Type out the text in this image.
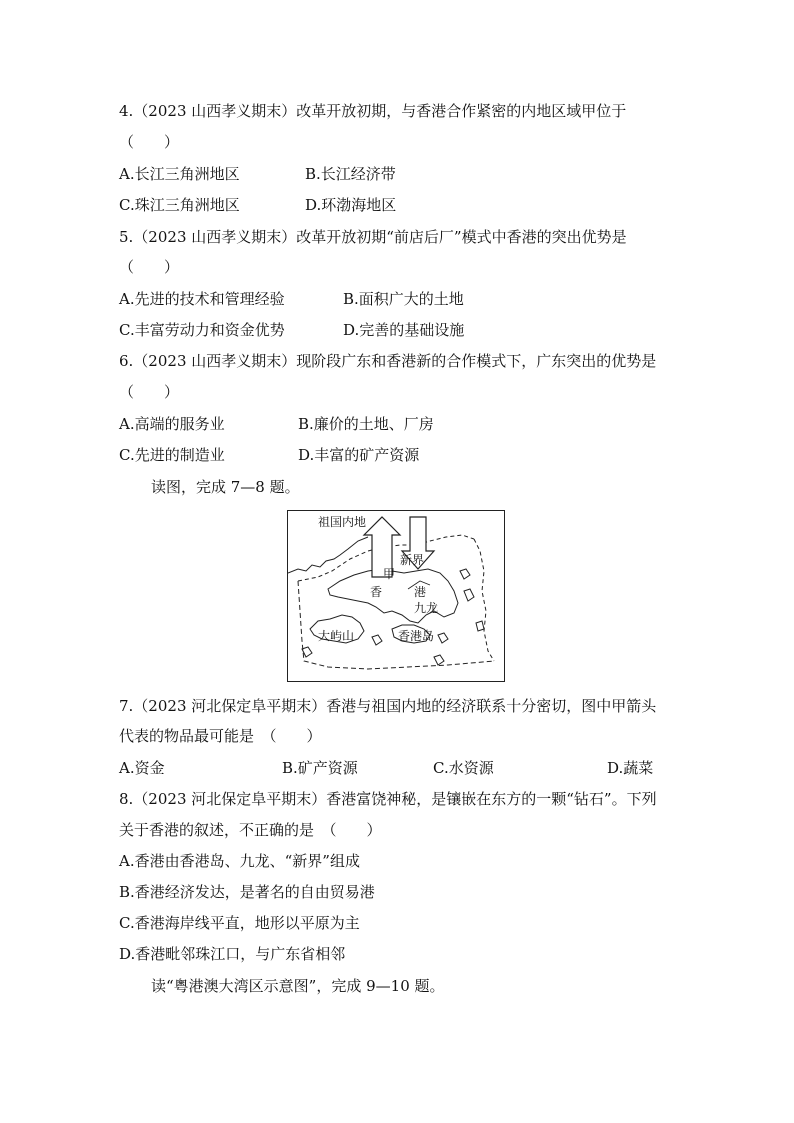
4.（2023 山西孝义期末）改革开放初期，与香港合作紧密的内地区域甲位于
（　　）
A.长江三角洲地区	B.长江经济带
C.珠江三角洲地区	D.环渤海地区
5.（2023 山西孝义期末）改革开放初期“前店后厂”模式中香港的突出优势是
（　　）
A.先进的技术和管理经验	B.面积广大的土地
C.丰富劳动力和资金优势	D.完善的基础设施
6.（2023 山西孝义期末）现阶段广东和香港新的合作模式下，广东突出的优势是
（　　）
A.高端的服务业	B.廉价的土地、厂房
C.先进的制造业	D.丰富的矿产资源
读图，完成 7—8 题。
祖国内地
新界
甲
香	港
九龙
大屿山	香港岛
7.（2023 河北保定阜平期末）香港与祖国内地的经济联系十分密切，图中甲箭头
代表的物品最可能是　（　　）
A.资金	B.矿产资源	C.水资源	D.蔬菜
8.（2023 河北保定阜平期末）香港富饶神秘，是镶嵌在东方的一颗“钻石”。下列
关于香港的叙述，不正确的是　（　　）
A.香港由香港岛、九龙、“新界”组成
B.香港经济发达，是著名的自由贸易港
C.香港海岸线平直，地形以平原为主
D.香港毗邻珠江口，与广东省相邻
读“粤港澳大湾区示意图”，完成 9—10 题。
